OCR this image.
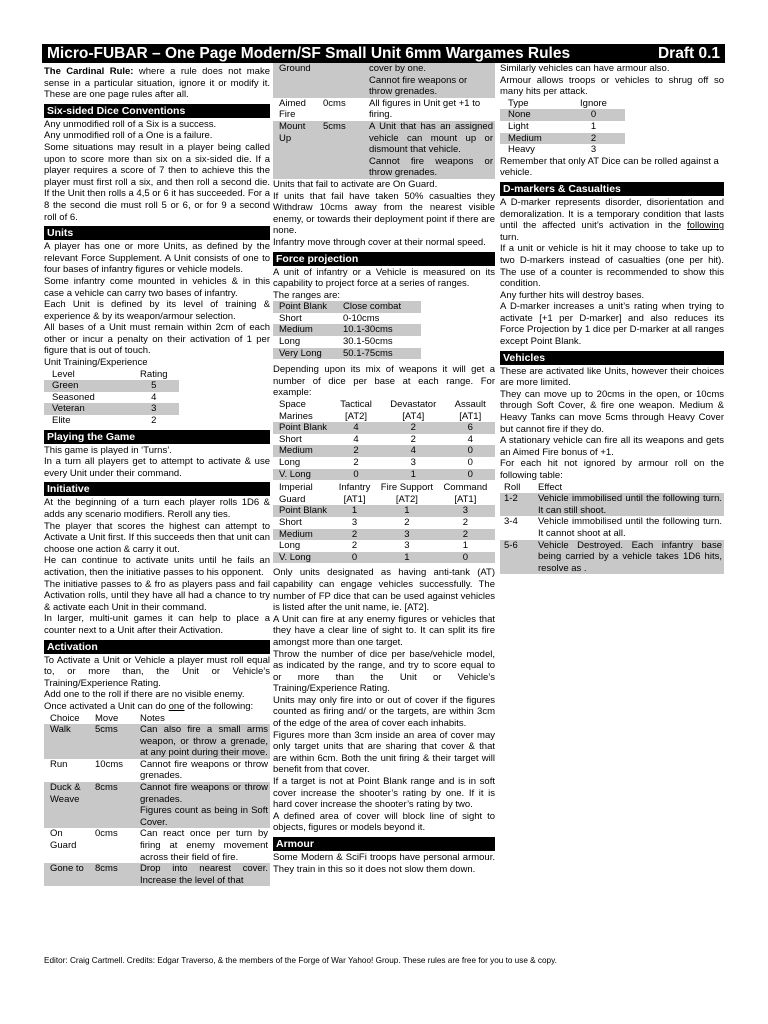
Micro-FUBAR – One Page Modern/SF Small Unit 6mm Wargames Rules	Draft 0.1

The Cardinal Rule: where a rule does not make sense in a particular situation, ignore it or modify it. These are one page rules after all.

Six-sided Dice Conventions

Any unmodified roll of a Six is a success.

Any unmodified roll of a One is a failure.

Some situations may result in a player being called upon to score more than six on a six-sided die. If a player requires a score of 7 then to achieve this the player must first roll a six, and then roll a second die. If the Unit then rolls a 4,5 or 6 it has succeeded. For a 8 the second die must roll 5 or 6, or for 9 a second roll of 6.

Units

A player has one or more Units, as defined by the relevant Force Supplement. A Unit consists of one to four bases of infantry figures or vehicle models.

Some infantry come mounted in vehicles & in this case a vehicle can carry two bases of infantry.

Each Unit is defined by its level of training & experience & by its weapon/armour selection.

All bases of a Unit must remain within 2cm of each other or incur a penalty on their activation of 1 per figure that is out of touch.

Unit Training/Experience

Level	Rating
Green	5
Seasoned	4
Veteran	3
Elite	2
Playing the Game

This game is played in ‘Turns’.

In a turn all players get to attempt to activate & use every Unit under their command.

Initiative

At the beginning of a turn each player rolls 1D6 & adds any scenario modifiers. Reroll any ties.

The player that scores the highest can attempt to Activate a Unit first. If this succeeds then that unit can choose one action & carry it out.

He can continue to activate units until he fails an activation, then the initiative passes to his opponent.

The initiative passes to & fro as players pass and fail Activation rolls, until they have all had a chance to try & activate each Unit in their command.

In larger, multi-unit games it can help to place a counter next to a Unit after their Activation.

Activation

To Activate a Unit or Vehicle a player must roll equal to, or more than, the Unit or Vehicle’s Training/Experience Rating.

Add one to the roll if there are no visible enemy.

Once activated a Unit can do one of the following:

Choice	Move	Notes
Walk	5cms	Can also fire a small arms weapon, or throw a grenade, at any point during their move.
Run	10cms	Cannot fire weapons or throw grenades.
Duck & Weave	8cms	Cannot fire weapons or throw grenades.

Figures count as being in Soft Cover.

On Guard	0cms	Can react once per turn by firing at enemy movement across their field of fire.
Gone to	8cms	Drop into nearest cover. Increase the level of that
Ground		cover by one.

Cannot fire weapons or throw grenades.

Aimed Fire	0cms	All figures in Unit get +1 to firing.
Mount Up	5cms	A Unit that has an assigned vehicle can mount up or dismount that vehicle.

Cannot fire weapons or throw grenades.

Units that fail to activate are On Guard.

If units that fail have taken 50% casualties they Withdraw 10cms away from the nearest visible enemy, or towards their deployment point if there are none.

Infantry move through cover at their normal speed.

Force projection

A unit of infantry or a Vehicle is measured on its capability to project force at a series of ranges.

The ranges are:

Point Blank	Close combat
Short	0-10cms
Medium	10.1-30cms
Long	30.1-50cms
Very Long	50.1-75cms

Depending upon its mix of weapons it will get a number of dice per base at each range. For example:

Space Marines	Tactical [AT2]	Devastator [AT4]	Assault [AT1]
Point Blank	4	2	6
Short	4	2	4
Medium	2	4	0
Long	2	3	0
V. Long	0	1	0
Imperial Guard	Infantry [AT1]	Fire Support [AT2]	Command [AT1]
Point Blank	1	1	3
Short	3	2	2
Medium	2	3	2
Long	2	3	1
V. Long	0	1	0

Only units designated as having anti-tank (AT) capability can engage vehicles successfully. The number of FP dice that can be used against vehicles is listed after the unit name, ie. [AT2].

A Unit can fire at any enemy figures or vehicles that they have a clear line of sight to. It can split its fire amongst more than one target.

Throw the number of dice per base/vehicle model, as indicated by the range, and try to score equal to or more than the Unit or Vehicle’s Training/Experience Rating.

Units may only fire into or out of cover if the figures counted as firing and/ or the targets, are within 3cm of the edge of the area of cover each inhabits.

Figures more than 3cm inside an area of cover may only target units that are sharing that cover & that are within 6cm. Both the unit firing & their target will benefit from that cover.

If a target is not at Point Blank range and is in soft cover increase the shooter’s rating by one. If it is hard cover increase the shooter’s rating by two.

A defined area of cover will block line of sight to objects, figures or models beyond it.

Armour

Some Modern & SciFi troops have personal armour. They train in this so it does not slow them down.

Similarly vehicles can have armour also.

Armour allows troops or vehicles to shrug off so many hits per attack.

Type	Ignore
None	0
Light	1
Medium	2
Heavy	3

Remember that only AT Dice can be rolled against a vehicle.

D-markers & Casualties

A D-marker represents disorder, disorientation and demoralization. It is a temporary condition that lasts until the affected unit’s activation in the following turn.

If a unit or vehicle is hit it may choose to take up to two D-markers instead of casualties (one per hit). The use of a counter is recommended to show this condition.

Any further hits will destroy bases.

A D-marker increases a unit’s rating when trying to activate [+1 per D-marker] and also reduces its Force Projection by 1 dice per D-marker at all ranges except Point Blank.

Vehicles

These are activated like Units, however their choices are more limited.

They can move up to 20cms in the open, or 10cms through Soft Cover, & fire one weapon. Medium & Heavy Tanks can move 5cms through Heavy Cover but cannot fire if they do.

A stationary vehicle can fire all its weapons and gets an Aimed Fire bonus of +1.

For each hit not ignored by armour roll on the following table:

Roll	Effect
1-2	Vehicle immobilised until the following turn. It can still shoot.
3-4	Vehicle immobilised until the following turn. It cannot shoot at all.
5-6	Vehicle Destroyed. Each infantry base being carried by a vehicle takes 1D6 hits, resolve as .
Editor: Craig Cartmell. Credits: Edgar Traverso, & the members of the Forge of War Yahoo! Group. These rules are free for you to use & copy.
